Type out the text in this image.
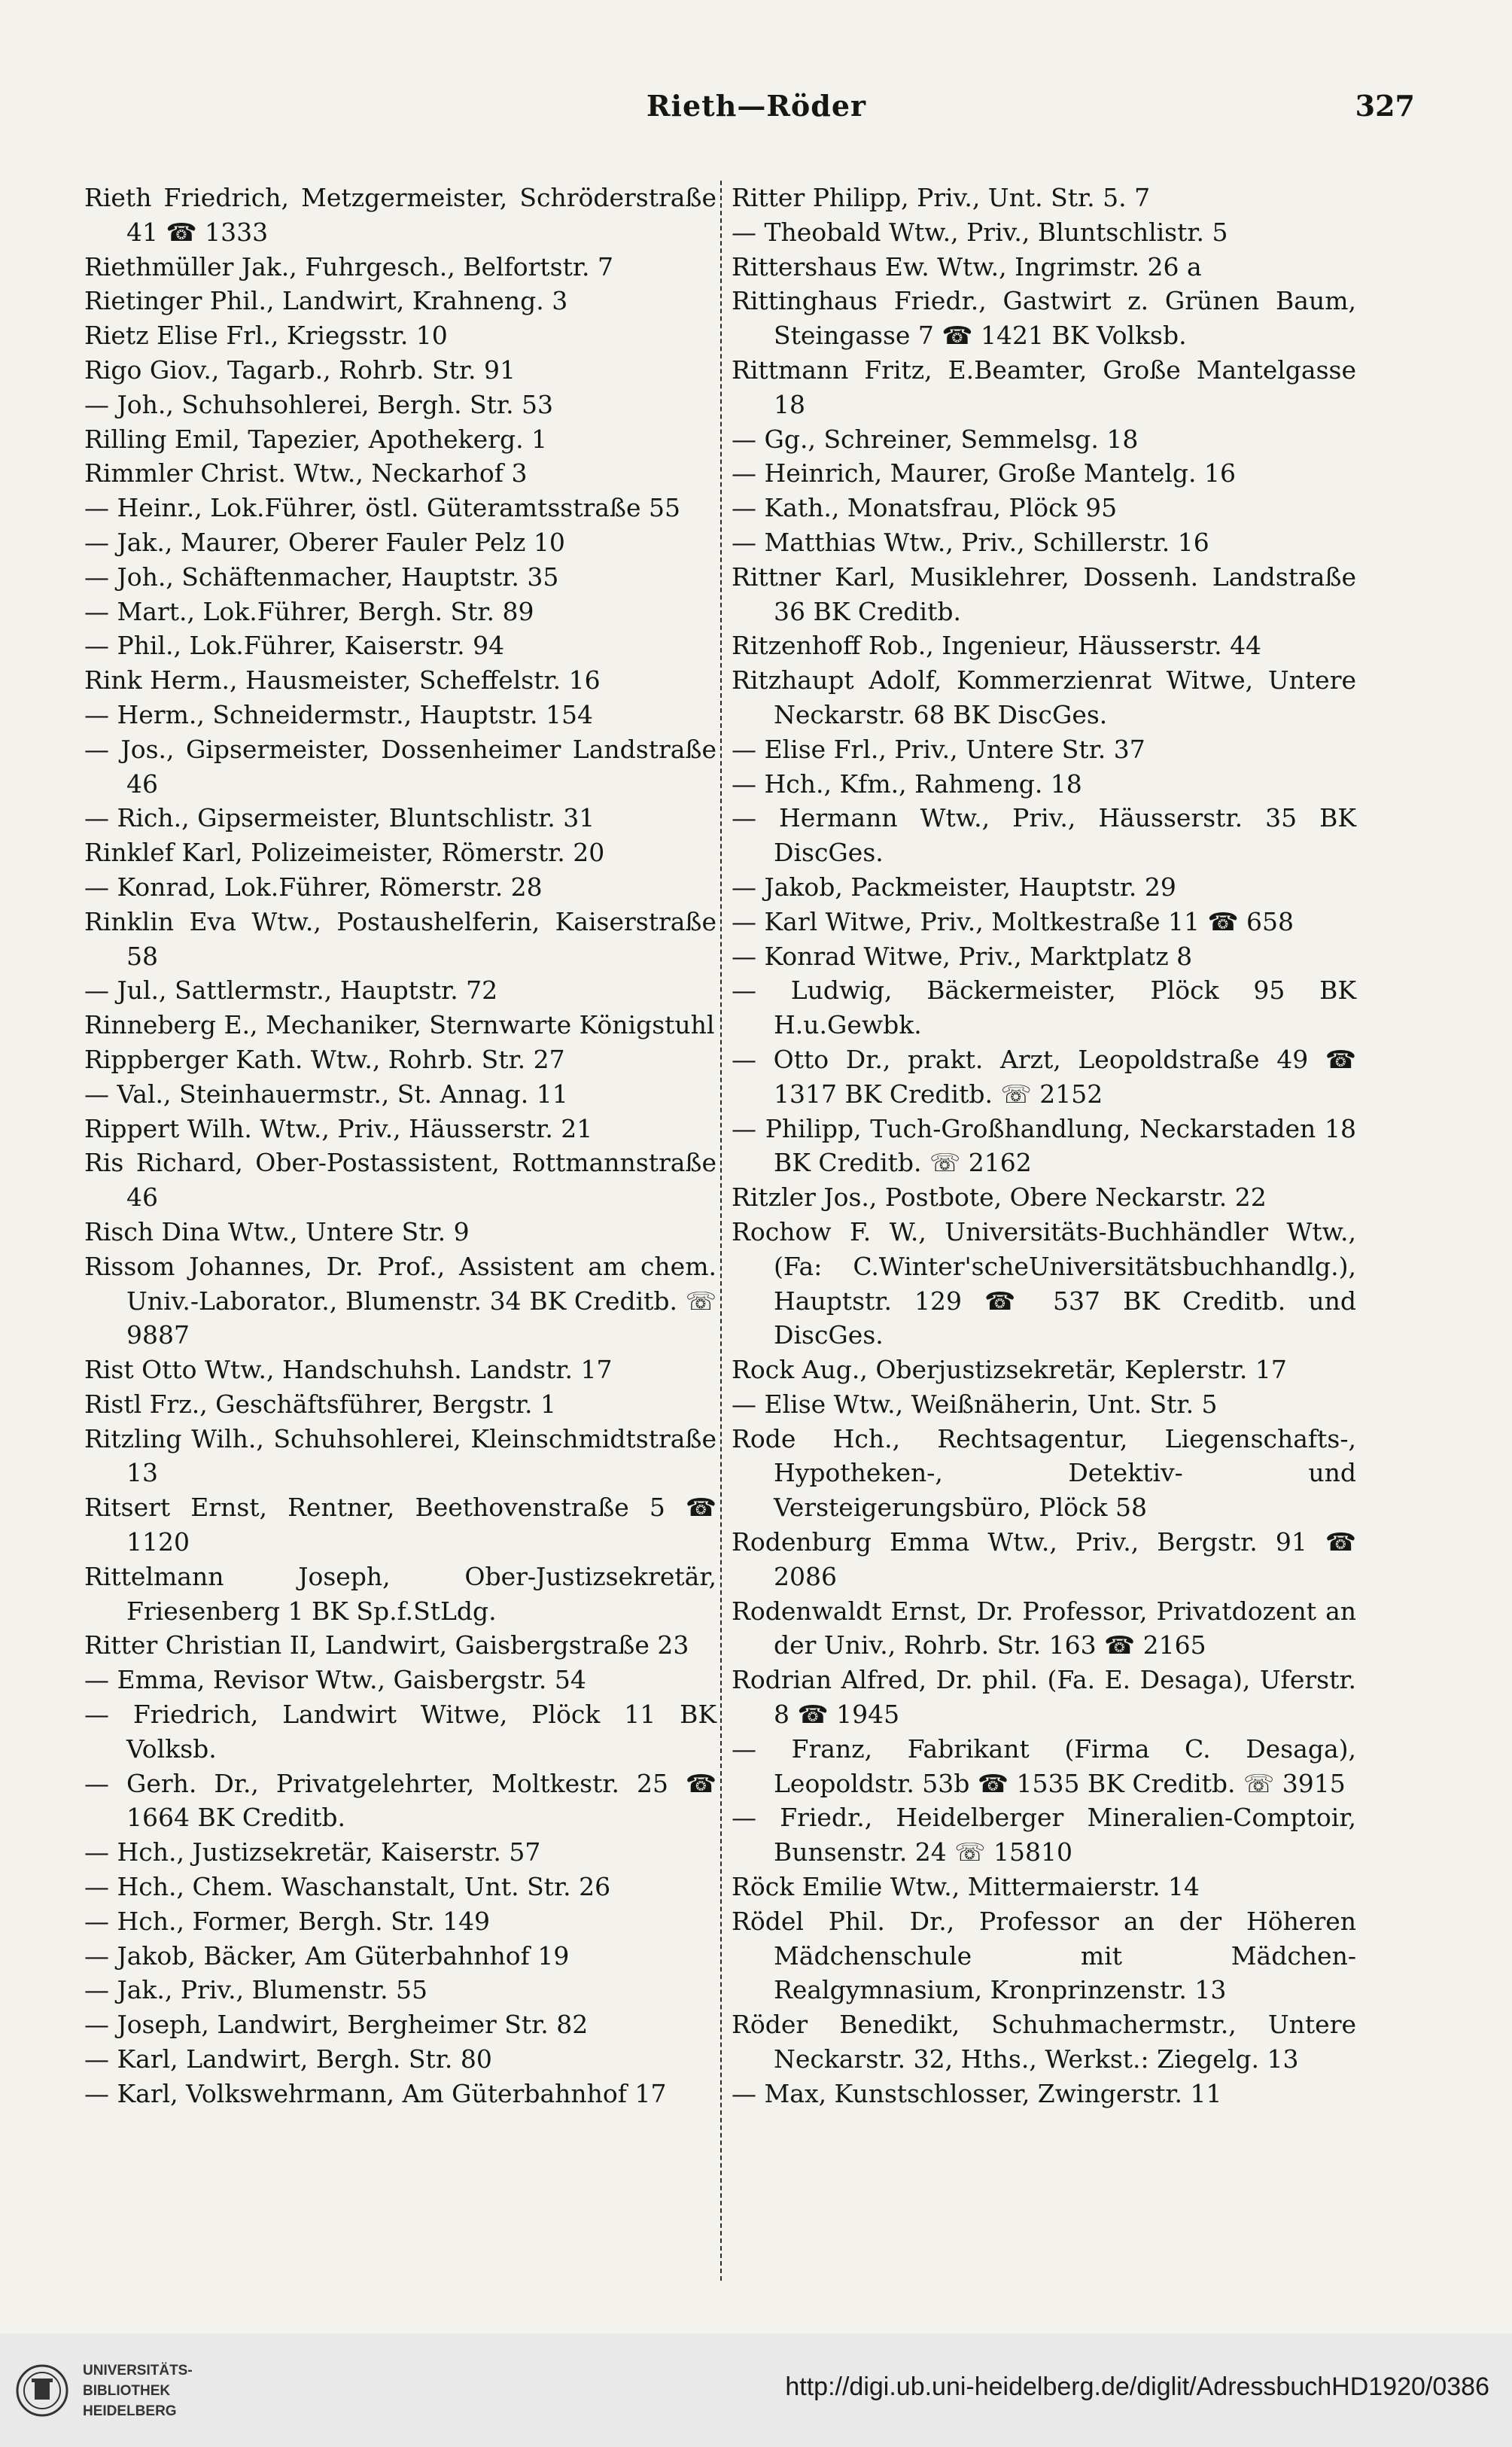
Rieth—Röder	327

Rieth Friedrich, Metzgermeister, Schröderstraße 41 ☎ 1333

Riethmüller Jak., Fuhrgesch., Belfortstr. 7

Rietinger Phil., Landwirt, Krahneng. 3

Rietz Elise Frl., Kriegsstr. 10

Rigo Giov., Tagarb., Rohrb. Str. 91

— Joh., Schuhsohlerei, Bergh. Str. 53

Rilling Emil, Tapezier, Apothekerg. 1

Rimmler Christ. Wtw., Neckarhof 3

— Heinr., Lok.Führer, östl. Güteramtsstraße 55

— Jak., Maurer, Oberer Fauler Pelz 10

— Joh., Schäftenmacher, Hauptstr. 35

— Mart., Lok.Führer, Bergh. Str. 89

— Phil., Lok.Führer, Kaiserstr. 94

Rink Herm., Hausmeister, Scheffelstr. 16

— Herm., Schneidermstr., Hauptstr. 154

— Jos., Gipsermeister, Dossenheimer Landstraße 46

— Rich., Gipsermeister, Bluntschlistr. 31

Rinklef Karl, Polizeimeister, Römerstr. 20

— Konrad, Lok.Führer, Römerstr. 28

Rinklin Eva Wtw., Postaushelferin, Kaiserstraße 58

— Jul., Sattlermstr., Hauptstr. 72

Rinneberg E., Mechaniker, Sternwarte Königstuhl

Rippberger Kath. Wtw., Rohrb. Str. 27

— Val., Steinhauermstr., St. Annag. 11

Rippert Wilh. Wtw., Priv., Häusserstr. 21

Ris Richard, Ober-Postassistent, Rottmannstraße 46

Risch Dina Wtw., Untere Str. 9

Rissom Johannes, Dr. Prof., Assistent am chem. Univ.-Laborator., Blumenstr. 34 BK Creditb. ☏ 9887

Rist Otto Wtw., Handschuhsh. Landstr. 17

Ristl Frz., Geschäftsführer, Bergstr. 1

Ritzling Wilh., Schuhsohlerei, Kleinschmidtstraße 13

Ritsert Ernst, Rentner, Beethovenstraße 5 ☎ 1120

Rittelmann Joseph, Ober-Justizsekretär, Friesenberg 1 BK Sp.f.StLdg.

Ritter Christian II, Landwirt, Gaisbergstraße 23

— Emma, Revisor Wtw., Gaisbergstr. 54

— Friedrich, Landwirt Witwe, Plöck 11 BK Volksb.

— Gerh. Dr., Privatgelehrter, Moltkestr. 25 ☎ 1664 BK Creditb.

— Hch., Justizsekretär, Kaiserstr. 57

— Hch., Chem. Waschanstalt, Unt. Str. 26

— Hch., Former, Bergh. Str. 149

— Jakob, Bäcker, Am Güterbahnhof 19

— Jak., Priv., Blumenstr. 55

— Joseph, Landwirt, Bergheimer Str. 82

— Karl, Landwirt, Bergh. Str. 80

— Karl, Volkswehrmann, Am Güterbahnhof 17

Ritter Philipp, Priv., Unt. Str. 5. 7

— Theobald Wtw., Priv., Bluntschlistr. 5

Rittershaus Ew. Wtw., Ingrimstr. 26 a

Rittinghaus Friedr., Gastwirt z. Grünen Baum, Steingasse 7 ☎ 1421 BK Volksb.

Rittmann Fritz, E.Beamter, Große Mantelgasse 18

— Gg., Schreiner, Semmelsg. 18

— Heinrich, Maurer, Große Mantelg. 16

— Kath., Monatsfrau, Plöck 95

— Matthias Wtw., Priv., Schillerstr. 16

Rittner Karl, Musiklehrer, Dossenh. Landstraße 36 BK Creditb.

Ritzenhoff Rob., Ingenieur, Häusserstr. 44

Ritzhaupt Adolf, Kommerzienrat Witwe, Untere Neckarstr. 68 BK DiscGes.

— Elise Frl., Priv., Untere Str. 37

— Hch., Kfm., Rahmeng. 18

— Hermann Wtw., Priv., Häusserstr. 35 BK DiscGes.

— Jakob, Packmeister, Hauptstr. 29

— Karl Witwe, Priv., Moltkestraße 11 ☎ 658

— Konrad Witwe, Priv., Marktplatz 8

— Ludwig, Bäckermeister, Plöck 95 BK H.u.Gewbk.

— Otto Dr., prakt. Arzt, Leopoldstraße 49 ☎ 1317 BK Creditb. ☏ 2152

— Philipp, Tuch-Großhandlung, Neckarstaden 18 BK Creditb. ☏ 2162

Ritzler Jos., Postbote, Obere Neckarstr. 22

Rochow F. W., Universitäts-Buchhändler Wtw., (Fa: C.Winter'scheUniversitätsbuchhandlg.), Hauptstr. 129 ☎ 537 BK Creditb. und DiscGes.

Rock Aug., Oberjustizsekretär, Keplerstr. 17

— Elise Wtw., Weißnäherin, Unt. Str. 5

Rode Hch., Rechtsagentur, Liegenschafts-, Hypotheken-, Detektiv- und Versteigerungsbüro, Plöck 58

Rodenburg Emma Wtw., Priv., Bergstr. 91 ☎ 2086

Rodenwaldt Ernst, Dr. Professor, Privatdozent an der Univ., Rohrb. Str. 163 ☎ 2165

Rodrian Alfred, Dr. phil. (Fa. E. Desaga), Uferstr. 8 ☎ 1945

— Franz, Fabrikant (Firma C. Desaga), Leopoldstr. 53b ☎ 1535 BK Creditb. ☏ 3915

— Friedr., Heidelberger Mineralien-Comptoir, Bunsenstr. 24 ☏ 15810

Röck Emilie Wtw., Mittermaierstr. 14

Rödel Phil. Dr., Professor an der Höheren Mädchenschule mit Mädchen-Realgymnasium, Kronprinzenstr. 13

Röder Benedikt, Schuhmachermstr., Untere Neckarstr. 32, Hths., Werkst.: Ziegelg. 13

— Max, Kunstschlosser, Zwingerstr. 11

UNIVERSITÄTS-
BIBLIOTHEK
HEIDELBERG
http://digi.ub.uni-heidelberg.de/diglit/AdressbuchHD1920/0386
